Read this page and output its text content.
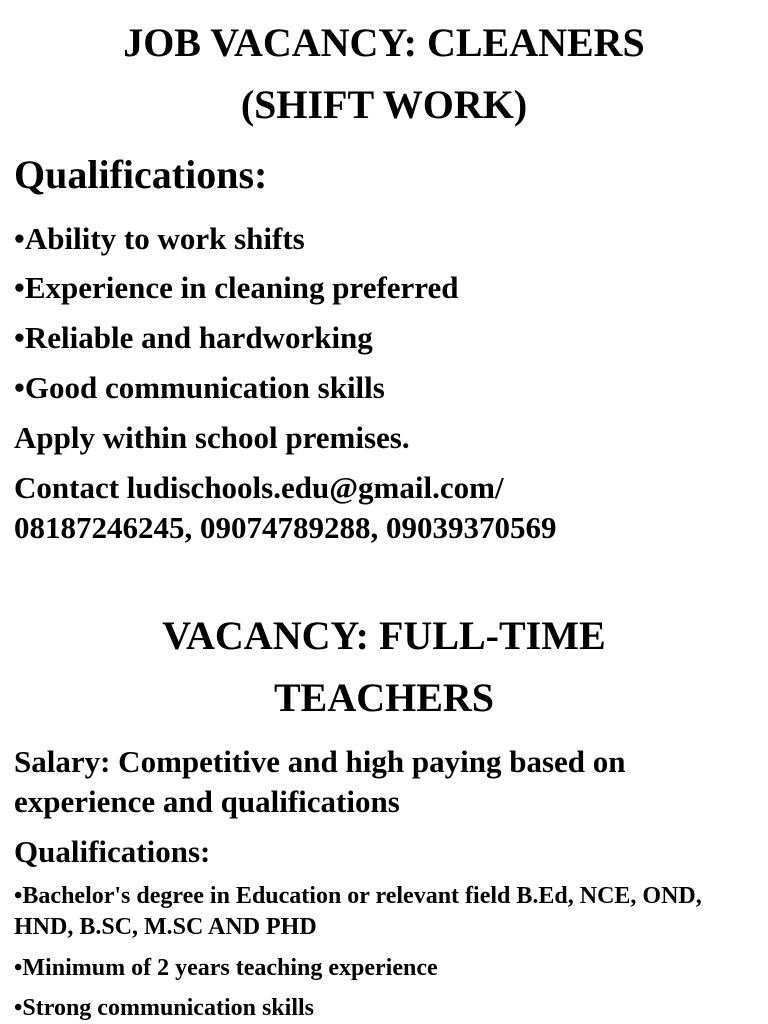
JOB VACANCY: CLEANERS
(SHIFT WORK)
Qualifications:
•Ability to work shifts
•Experience in cleaning preferred
•Reliable and hardworking
•Good communication skills
Apply within school premises.
Contact ludischools.edu@gmail.com/
08187246245, 09074789288, 09039370569
VACANCY: FULL-TIME
TEACHERS
Salary: Competitive and high paying based on experience and qualifications
Qualifications:
•Bachelor's degree in Education or relevant field B.Ed, NCE, OND, HND, B.SC, M.SC AND PHD
•Minimum of 2 years teaching experience
•Strong communication skills
